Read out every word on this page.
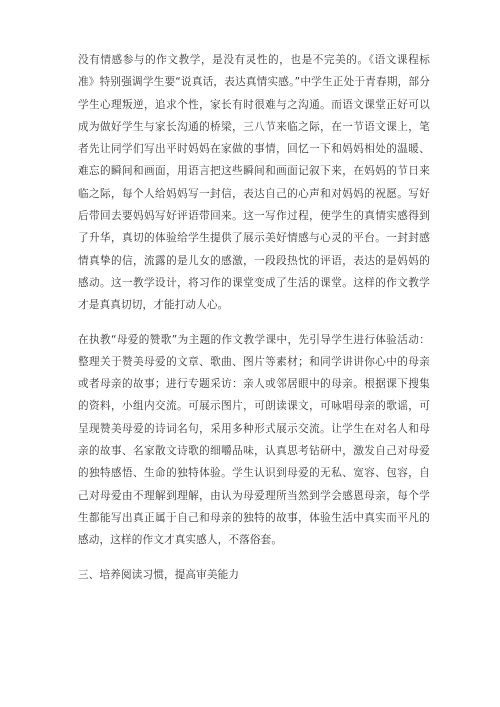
没有情感参与的作文教学，是没有灵性的，也是不完美的。《语文课程标准》特别强调学生要“说真话，表达真情实感。”中学生正处于青春期，部分学生心理叛逆，追求个性，家长有时很难与之沟通。而语文课堂正好可以成为做好学生与家长沟通的桥梁，三八节来临之际，在一节语文课上，笔者先让同学们写出平时妈妈在家做的事情，回忆一下和妈妈相处的温暖、难忘的瞬间和画面，用语言把这些瞬间和画面记叙下来，在妈妈的节日来临之际，每个人给妈妈写一封信，表达自己的心声和对妈妈的祝愿。写好后带回去要妈妈写好评语带回来。这一写作过程，使学生的真情实感得到了升华，真切的体验给学生提供了展示美好情感与心灵的平台。一封封感情真挚的信，流露的是儿女的感激，一段段热忱的评语，表达的是妈妈的感动。这一教学设计，将习作的课堂变成了生活的课堂。这样的作文教学才是真真切切，才能打动人心。

在执教“母爱的赞歌”为主题的作文教学课中，先引导学生进行体验活动：整理关于赞美母爱的文章、歌曲、图片等素材；和同学讲讲你心中的母亲或者母亲的故事；进行专题采访：亲人或邻居眼中的母亲。根据课下搜集的资料，小组内交流。可展示图片，可朗读课文，可咏唱母亲的歌谣，可呈现赞美母爱的诗词名句，采用多种形式展示交流。让学生在对名人和母亲的故事、名家散文诗歌的细嚼品味，认真思考钻研中，激发自己对母爱的独特感悟、生命的独特体验。学生认识到母爱的无私、宽容、包容，自己对母爱由不理解到理解，由认为母爱理所当然到学会感恩母亲，每个学生都能写出真正属于自己和母亲的独特的故事，体验生活中真实而平凡的感动，这样的作文才真实感人，不落俗套。

三、培养阅读习惯，提高审美能力
